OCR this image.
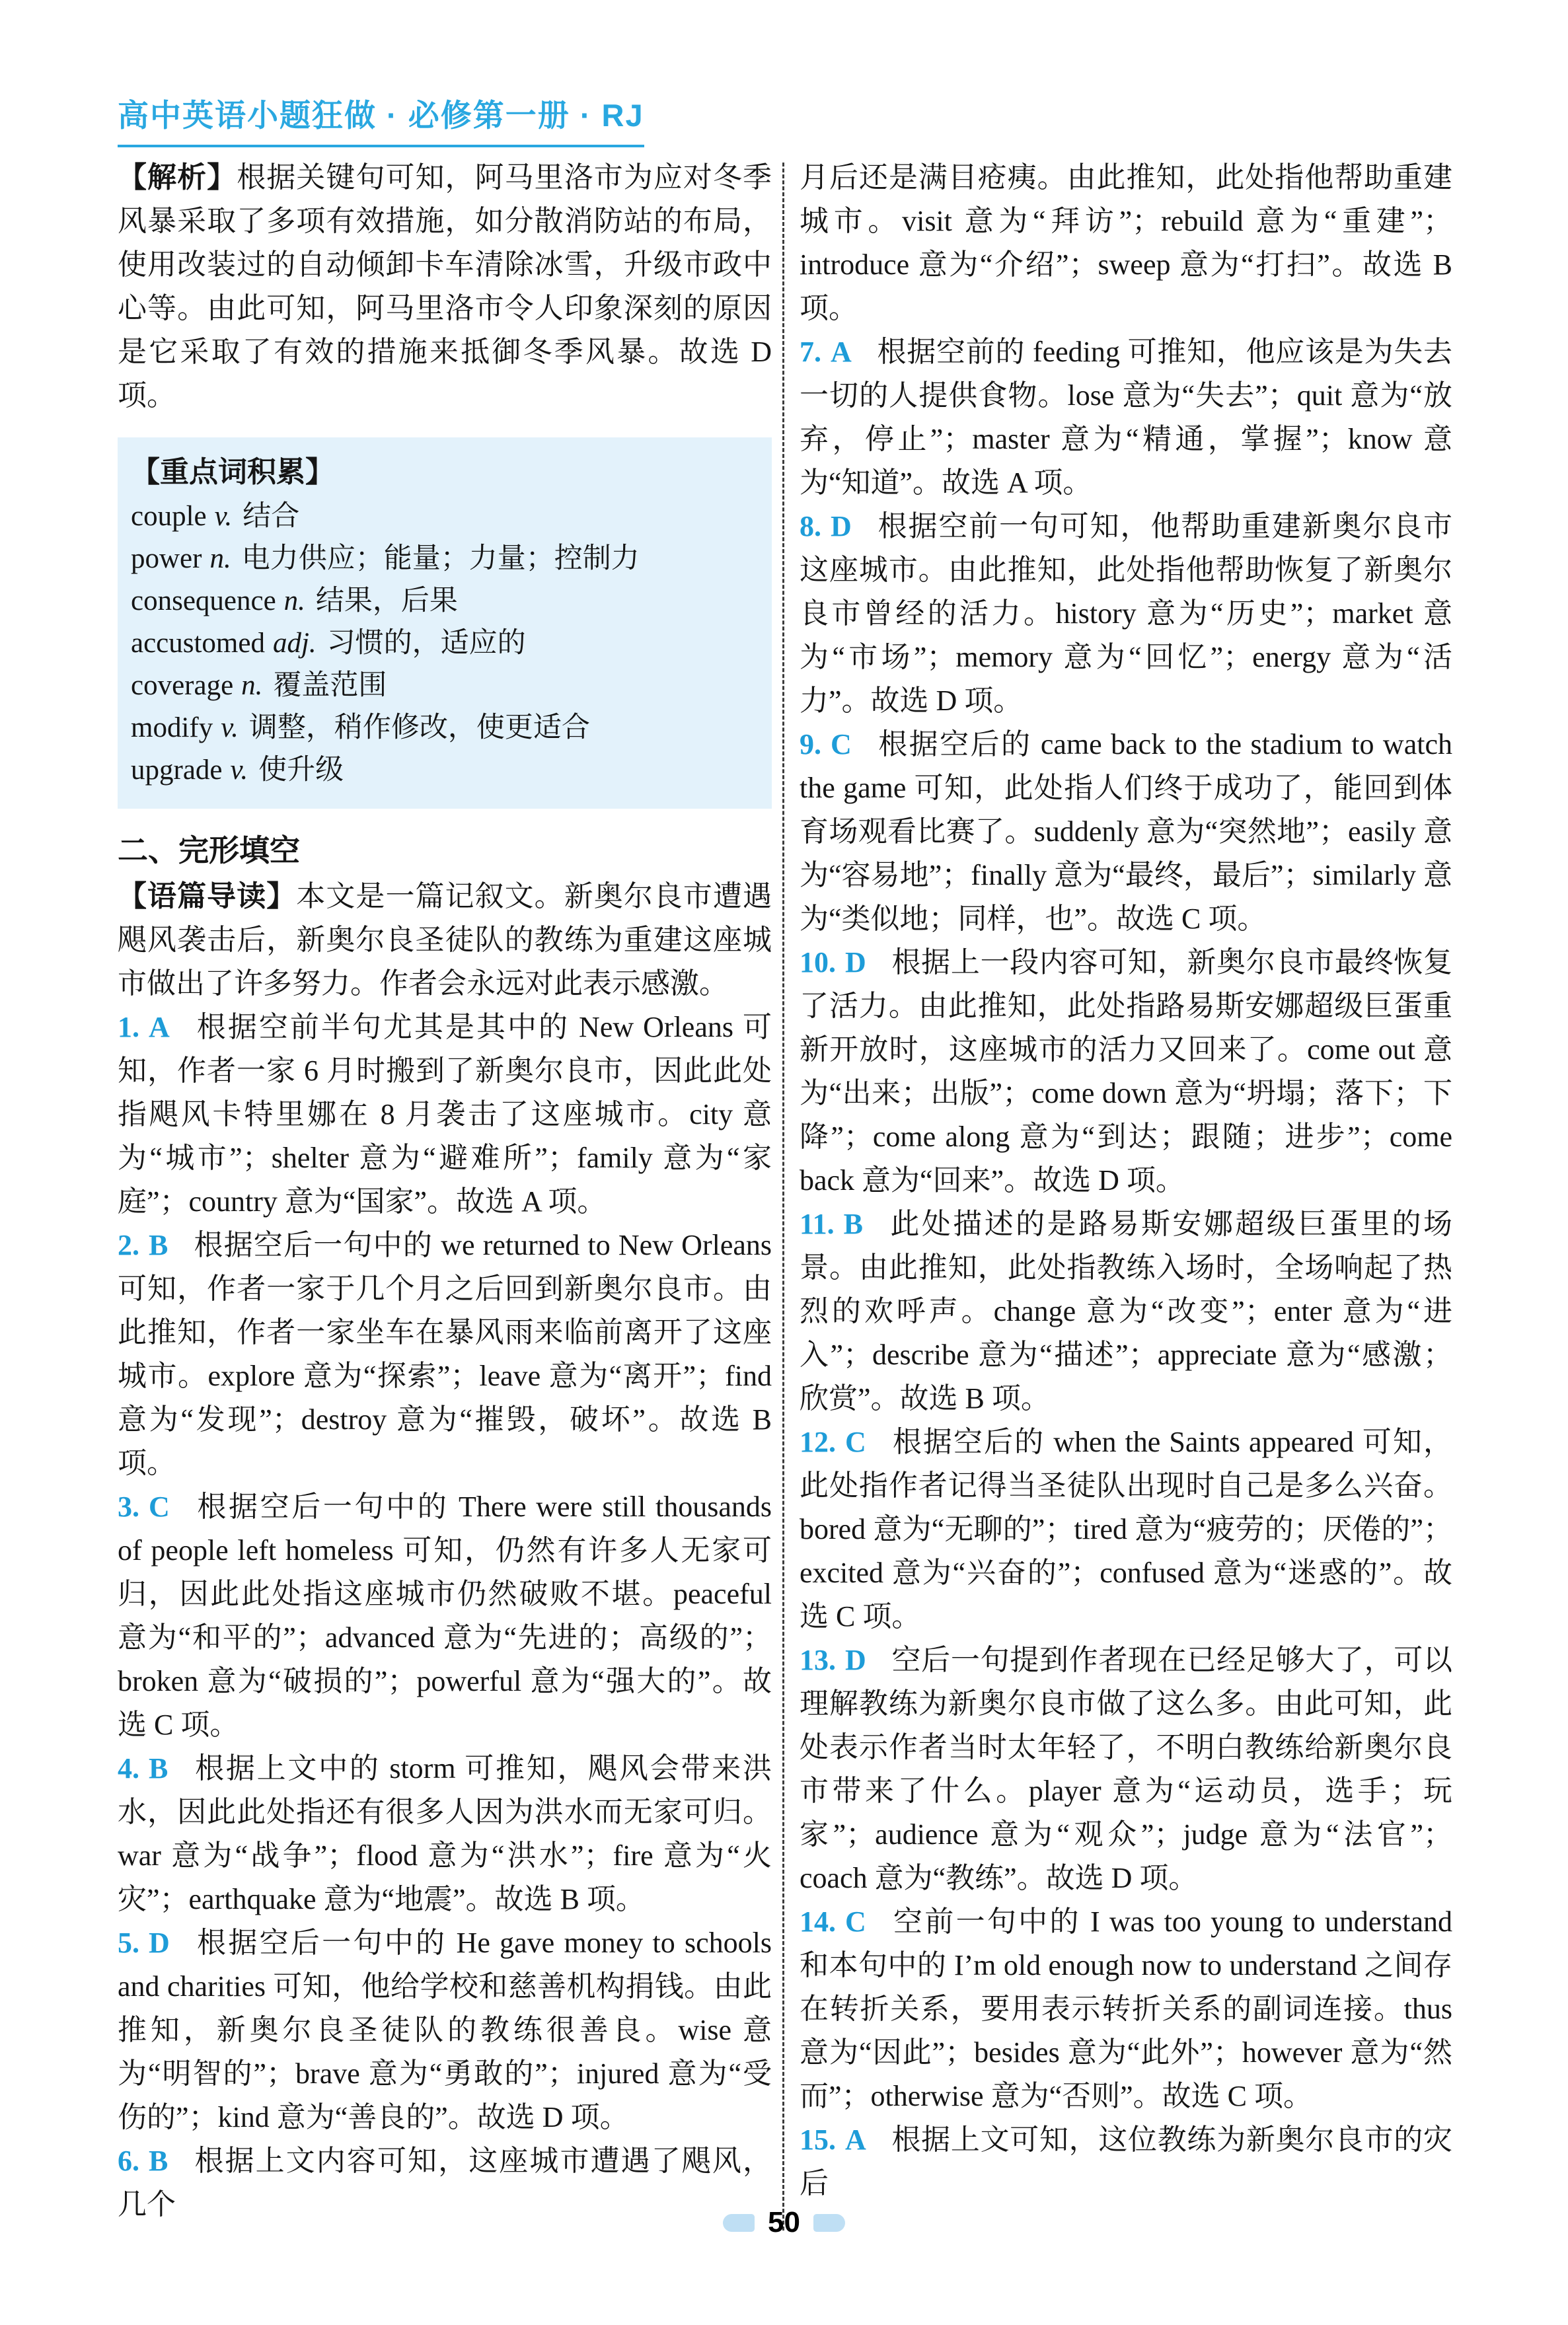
高中英语小题狂做 · 必修第一册 · RJ
【解析】根据关键句可知，阿马里洛市为应对冬季风暴采取了多项有效措施，如分散消防站的布局，使用改装过的自动倾卸卡车清除冰雪，升级市政中心等。由此可知，阿马里洛市令人印象深刻的原因是它采取了有效的措施来抵御冬季风暴。故选 D 项。
【重点词积累】
couple v. 结合
power n. 电力供应；能量；力量；控制力
consequence n. 结果，后果
accustomed adj. 习惯的，适应的
coverage n. 覆盖范围
modify v. 调整，稍作修改，使更适合
upgrade v. 使升级
二、完形填空
【语篇导读】本文是一篇记叙文。新奥尔良市遭遇飓风袭击后，新奥尔良圣徒队的教练为重建这座城市做出了许多努力。作者会永远对此表示感激。
1. A 根据空前半句尤其是其中的 New Orleans 可知，作者一家 6 月时搬到了新奥尔良市，因此此处指飓风卡特里娜在 8 月袭击了这座城市。city 意为“城市”；shelter 意为“避难所”；family 意为“家庭”；country 意为“国家”。故选 A 项。
2. B 根据空后一句中的 we returned to New Orleans 可知，作者一家于几个月之后回到新奥尔良市。由此推知，作者一家坐车在暴风雨来临前离开了这座城市。explore 意为“探索”；leave 意为“离开”；find 意为“发现”；destroy 意为“摧毁，破坏”。故选 B 项。
3. C 根据空后一句中的 There were still thousands of people left homeless 可知，仍然有许多人无家可归，因此此处指这座城市仍然破败不堪。peaceful 意为“和平的”；advanced 意为“先进的；高级的”；broken 意为“破损的”；powerful 意为“强大的”。故选 C 项。
4. B 根据上文中的 storm 可推知，飓风会带来洪水，因此此处指还有很多人因为洪水而无家可归。war 意为“战争”；flood 意为“洪水”；fire 意为“火灾”；earthquake 意为“地震”。故选 B 项。
5. D 根据空后一句中的 He gave money to schools and charities 可知，他给学校和慈善机构捐钱。由此推知，新奥尔良圣徒队的教练很善良。wise 意为“明智的”；brave 意为“勇敢的”；injured 意为“受伤的”；kind 意为“善良的”。故选 D 项。
6. B 根据上文内容可知，这座城市遭遇了飓风，几个
月后还是满目疮痍。由此推知，此处指他帮助重建城市。visit 意为“拜访”；rebuild 意为“重建”；introduce 意为“介绍”；sweep 意为“打扫”。故选 B 项。
7. A 根据空前的 feeding 可推知，他应该是为失去一切的人提供食物。lose 意为“失去”；quit 意为“放弃，停止”；master 意为“精通，掌握”；know 意为“知道”。故选 A 项。
8. D 根据空前一句可知，他帮助重建新奥尔良市这座城市。由此推知，此处指他帮助恢复了新奥尔良市曾经的活力。history 意为“历史”；market 意为“市场”；memory 意为“回忆”；energy 意为“活力”。故选 D 项。
9. C 根据空后的 came back to the stadium to watch the game 可知，此处指人们终于成功了，能回到体育场观看比赛了。suddenly 意为“突然地”；easily 意为“容易地”；finally 意为“最终，最后”；similarly 意为“类似地；同样，也”。故选 C 项。
10. D 根据上一段内容可知，新奥尔良市最终恢复了活力。由此推知，此处指路易斯安娜超级巨蛋重新开放时，这座城市的活力又回来了。come out 意为“出来；出版”；come down 意为“坍塌；落下；下降”；come along 意为“到达；跟随；进步”；come back 意为“回来”。故选 D 项。
11. B 此处描述的是路易斯安娜超级巨蛋里的场景。由此推知，此处指教练入场时，全场响起了热烈的欢呼声。change 意为“改变”；enter 意为“进入”；describe 意为“描述”；appreciate 意为“感激；欣赏”。故选 B 项。
12. C 根据空后的 when the Saints appeared 可知，此处指作者记得当圣徒队出现时自己是多么兴奋。bored 意为“无聊的”；tired 意为“疲劳的；厌倦的”；excited 意为“兴奋的”；confused 意为“迷惑的”。故选 C 项。
13. D 空后一句提到作者现在已经足够大了，可以理解教练为新奥尔良市做了这么多。由此可知，此处表示作者当时太年轻了，不明白教练给新奥尔良市带来了什么。player 意为“运动员，选手；玩家”；audience 意为“观众”；judge 意为“法官”；coach 意为“教练”。故选 D 项。
14. C 空前一句中的 I was too young to understand 和本句中的 I’m old enough now to understand 之间存在转折关系，要用表示转折关系的副词连接。thus 意为“因此”；besides 意为“此外”；however 意为“然而”；otherwise 意为“否则”。故选 C 项。
15. A 根据上文可知，这位教练为新奥尔良市的灾后
50
